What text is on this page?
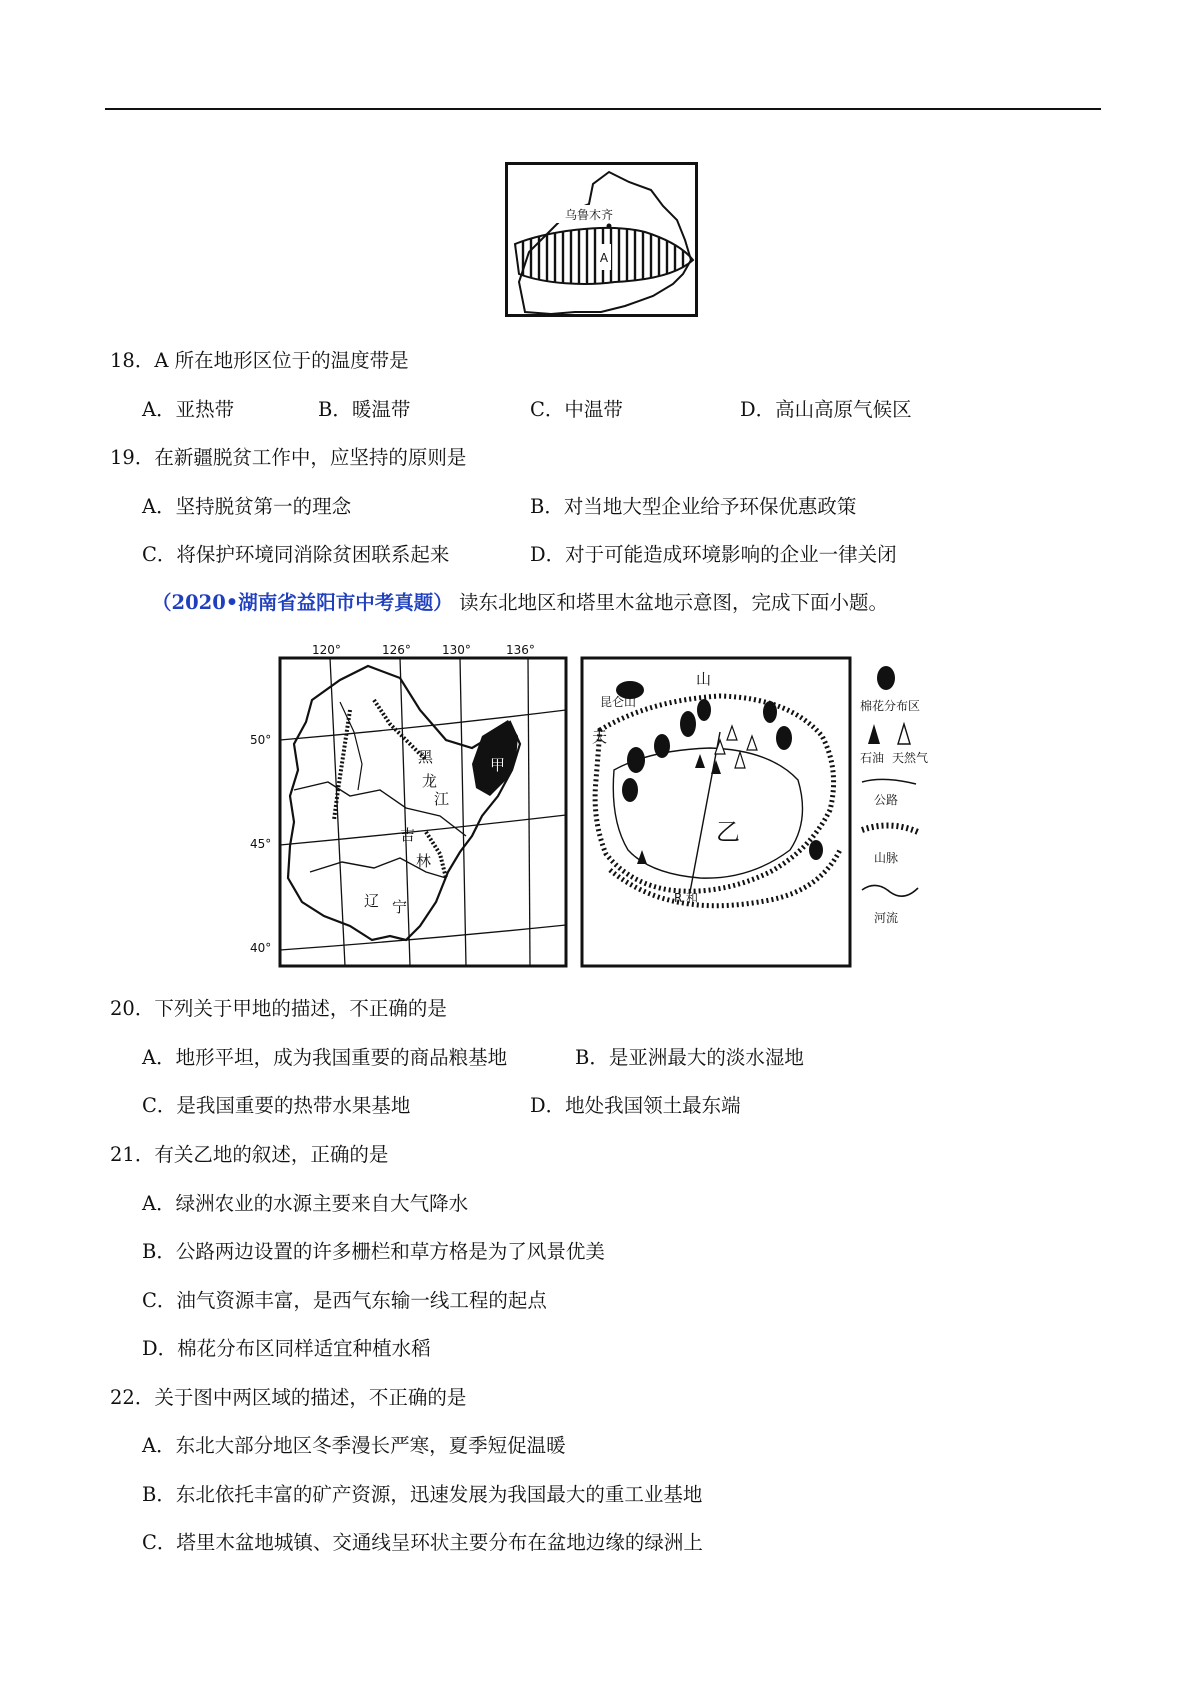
乌鲁木齐
A
18．A 所在地形区位于的温度带是
A．亚热带	B．暖温带	C．中温带	D．高山高原气候区
19．在新疆脱贫工作中，应坚持的原则是
A．坚持脱贫第一的理念	B．对当地大型企业给予环保优惠政策
C．将保护环境同消除贫困联系起来	D．对于可能造成环境影响的企业一律关闭
（2020•湖南省益阳市中考真题） 读东北地区和塔里木盆地示意图，完成下面小题。
甲
120°	126°	130°	136°
50°
45°
40°
黑
龙
江
吉
林
辽 宁
天
山
昆仑山
乙
R 和
棉花分布区
石油 天然气
公路
山脉
河流
20．下列关于甲地的描述，不正确的是
A．地形平坦，成为我国重要的商品粮基地	B．是亚洲最大的淡水湿地
C．是我国重要的热带水果基地	D．地处我国领土最东端
21．有关乙地的叙述，正确的是
A．绿洲农业的水源主要来自大气降水
B．公路两边设置的许多栅栏和草方格是为了风景优美
C．油气资源丰富，是西气东输一线工程的起点
D．棉花分布区同样适宜种植水稻
22．关于图中两区域的描述，不正确的是
A．东北大部分地区冬季漫长严寒，夏季短促温暖
B．东北依托丰富的矿产资源，迅速发展为我国最大的重工业基地
C．塔里木盆地城镇、交通线呈环状主要分布在盆地边缘的绿洲上
